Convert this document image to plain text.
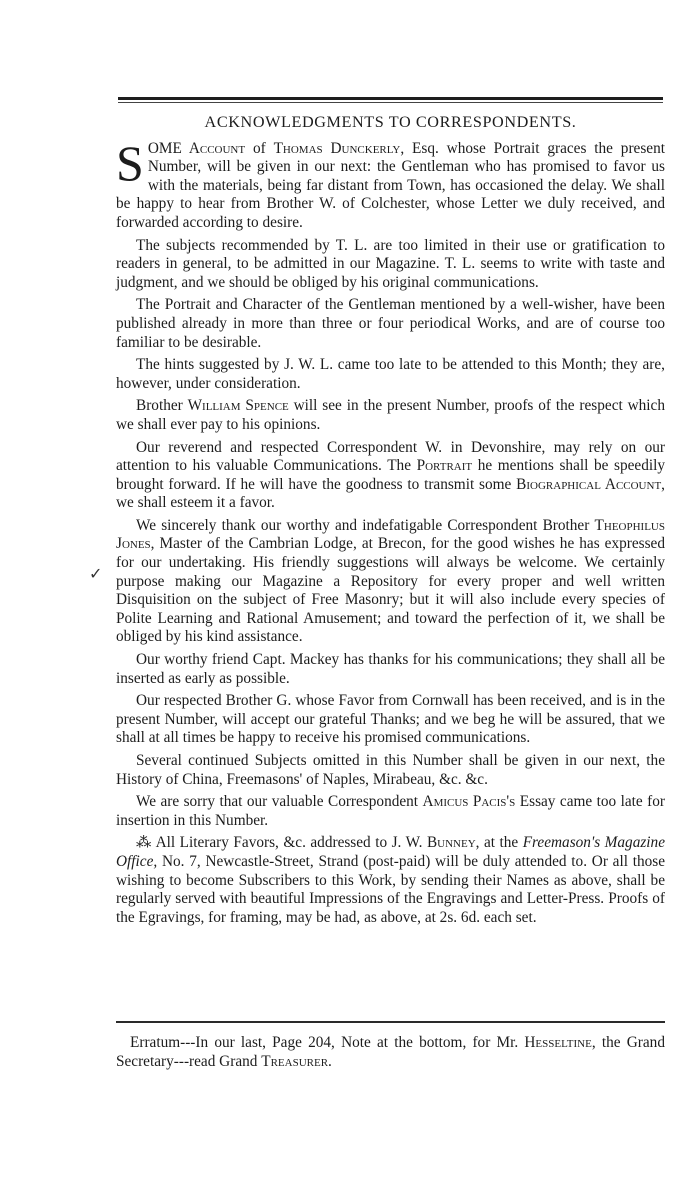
ACKNOWLEDGMENTS TO CORRESPONDENTS.

SOME Account of Thomas Dunckerly, Esq. whose Portrait graces the present Number, will be given in our next: the Gentleman who has promised to favor us with the materials, being far distant from Town, has occasioned the delay. We shall be happy to hear from Brother W. of Colchester, whose Letter we duly received, and forwarded according to desire.

The subjects recommended by T. L. are too limited in their use or gratification to readers in general, to be admitted in our Magazine. T. L. seems to write with taste and judgment, and we should be obliged by his original communications.

The Portrait and Character of the Gentleman mentioned by a well-wisher, have been published already in more than three or four periodical Works, and are of course too familiar to be desirable.

The hints suggested by J. W. L. came too late to be attended to this Month; they are, however, under consideration.

Brother William Spence will see in the present Number, proofs of the respect which we shall ever pay to his opinions.

Our reverend and respected Correspondent W. in Devonshire, may rely on our attention to his valuable Communications. The Portrait he mentions shall be speedily brought forward. If he will have the goodness to transmit some Biographical Account, we shall esteem it a favor.

We sincerely thank our worthy and indefatigable Correspondent Brother Theophilus Jones, Master of the Cambrian Lodge, at Brecon, for the good wishes he has expressed for our undertaking. His friendly suggestions will always be welcome. We certainly purpose making our Magazine a Repository for every proper and well written Disquisition on the subject of Free Masonry; but it will also include every species of Polite Learning and Rational Amusement; and toward the perfection of it, we shall be obliged by his kind assistance.

Our worthy friend Capt. Mackey has thanks for his communications; they shall all be inserted as early as possible.

Our respected Brother G. whose Favor from Cornwall has been received, and is in the present Number, will accept our grateful Thanks; and we beg he will be assured, that we shall at all times be happy to receive his promised communications.

Several continued Subjects omitted in this Number shall be given in our next, the History of China, Freemasons' of Naples, Mirabeau, &c. &c.

We are sorry that our valuable Correspondent Amicus Pacis's Essay came too late for insertion in this Number.

⁂ All Literary Favors, &c. addressed to J. W. Bunney, at the Freemason's Magazine Office, No. 7, Newcastle-Street, Strand (post-paid) will be duly attended to. Or all those wishing to become Subscribers to this Work, by sending their Names as above, shall be regularly served with beautiful Impressions of the Engravings and Letter-Press. Proofs of the Egravings, for framing, may be had, as above, at 2s. 6d. each set.

✓
Erratum---In our last, Page 204, Note at the bottom, for Mr. Hesseltine, the Grand Secretary---read Grand Treasurer.
